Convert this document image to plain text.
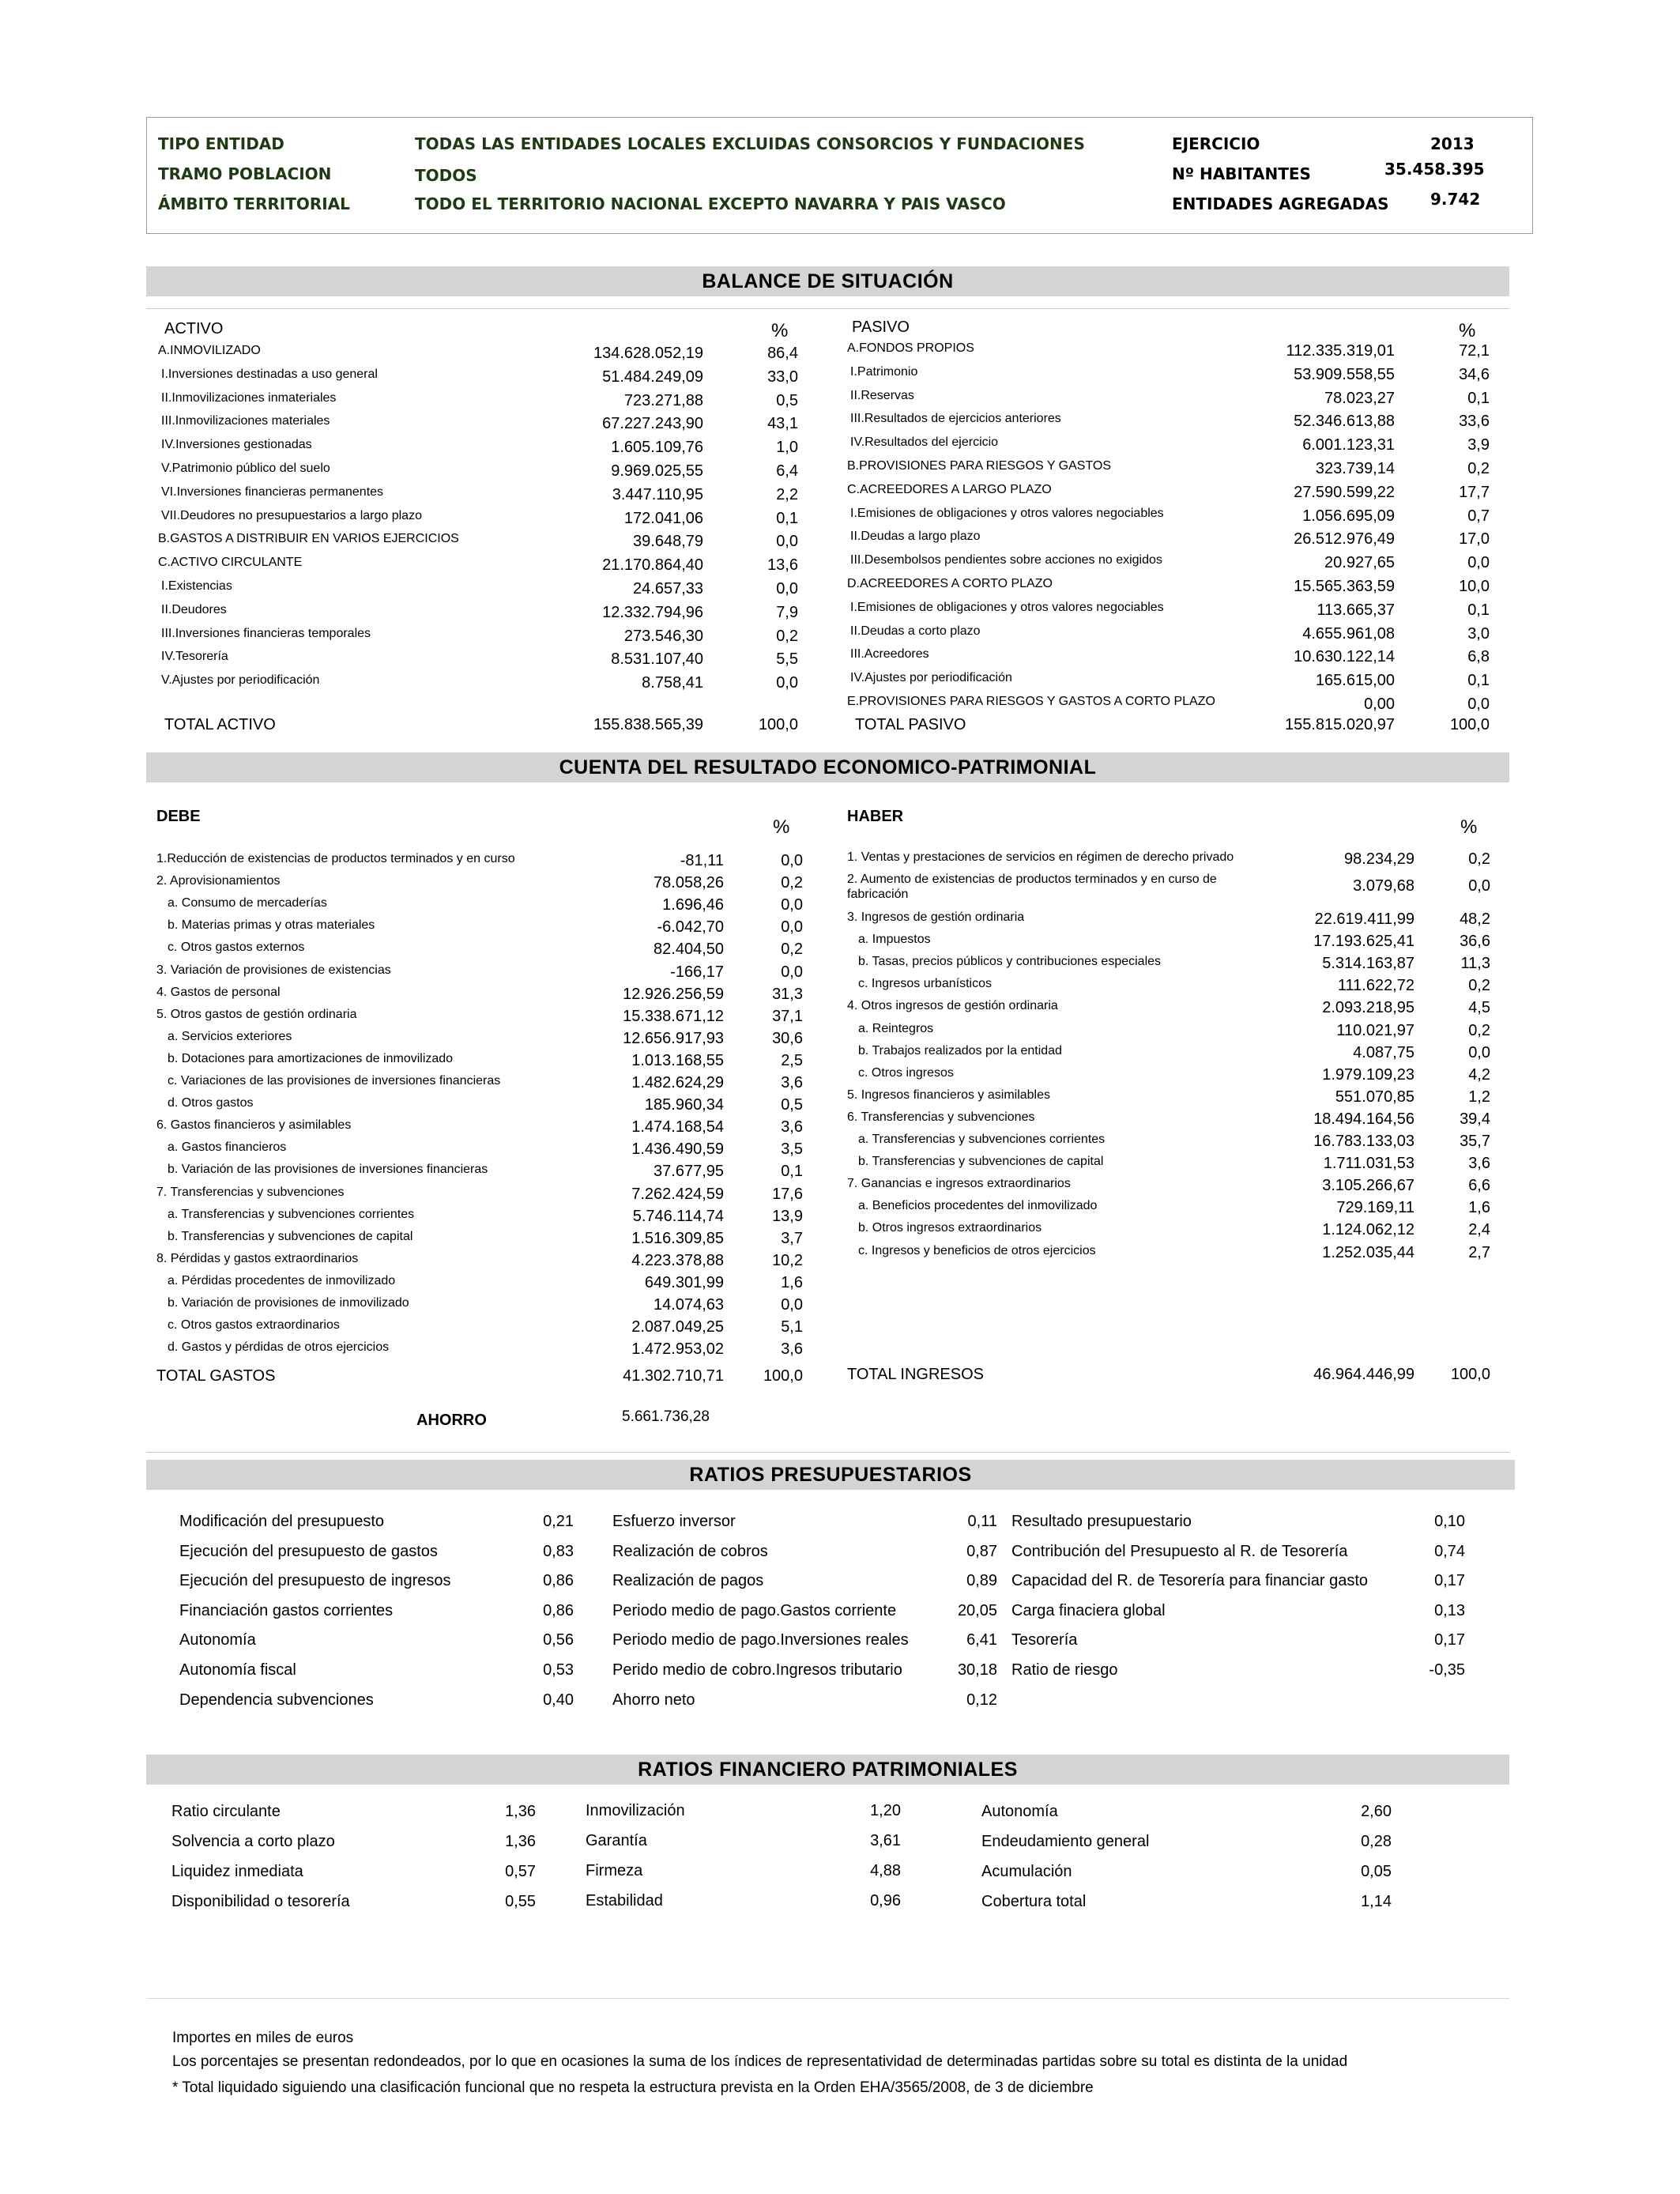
TIPO ENTIDAD	TODAS LAS ENTIDADES LOCALES EXCLUIDAS CONSORCIOS Y FUNDACIONES
TRAMO POBLACION	TODOS
ÁMBITO TERRITORIAL	TODO EL TERRITORIO NACIONAL EXCEPTO NAVARRA Y PAIS VASCO
EJERCICIO	2013
Nº HABITANTES	35.458.395
ENTIDADES AGREGADAS	9.742
BALANCE DE SITUACIÓN
ACTIVO	%	PASIVO	%
A.INMOVILIZADO	134.628.052,19	86,4
I.Inversiones destinadas a uso general	51.484.249,09	33,0
II.Inmovilizaciones inmateriales	723.271,88	0,5
III.Inmovilizaciones materiales	67.227.243,90	43,1
IV.Inversiones gestionadas	1.605.109,76	1,0
V.Patrimonio público del suelo	9.969.025,55	6,4
VI.Inversiones financieras permanentes	3.447.110,95	2,2
VII.Deudores no presupuestarios a largo plazo	172.041,06	0,1
B.GASTOS A DISTRIBUIR EN VARIOS EJERCICIOS	39.648,79	0,0
C.ACTIVO CIRCULANTE	21.170.864,40	13,6
I.Existencias	24.657,33	0,0
II.Deudores	12.332.794,96	7,9
III.Inversiones financieras temporales	273.546,30	0,2
IV.Tesorería	8.531.107,40	5,5
V.Ajustes por periodificación	8.758,41	0,0
A.FONDOS PROPIOS	112.335.319,01	72,1
I.Patrimonio	53.909.558,55	34,6
II.Reservas	78.023,27	0,1
III.Resultados de ejercicios anteriores	52.346.613,88	33,6
IV.Resultados del ejercicio	6.001.123,31	3,9
B.PROVISIONES PARA RIESGOS Y GASTOS	323.739,14	0,2
C.ACREEDORES A LARGO PLAZO	27.590.599,22	17,7
I.Emisiones de obligaciones y otros valores negociables	1.056.695,09	0,7
II.Deudas a largo plazo	26.512.976,49	17,0
III.Desembolsos pendientes sobre acciones no exigidos	20.927,65	0,0
D.ACREEDORES A CORTO PLAZO	15.565.363,59	10,0
I.Emisiones de obligaciones y otros valores negociables	113.665,37	0,1
II.Deudas a corto plazo	4.655.961,08	3,0
III.Acreedores	10.630.122,14	6,8
IV.Ajustes por periodificación	165.615,00	0,1
E.PROVISIONES PARA RIESGOS Y GASTOS A CORTO PLAZO	0,00	0,0
TOTAL ACTIVO	155.838.565,39	100,0	TOTAL PASIVO	155.815.020,97	100,0
CUENTA DEL RESULTADO ECONOMICO-PATRIMONIAL
DEBE	%	HABER	%
1.Reducción de existencias de productos terminados y en curso	-81,11	0,0
2. Aprovisionamientos	78.058,26	0,2
a. Consumo de mercaderías	1.696,46	0,0
b. Materias primas y otras materiales	-6.042,70	0,0
c. Otros gastos externos	82.404,50	0,2
3. Variación de provisiones de existencias	-166,17	0,0
4. Gastos de personal	12.926.256,59	31,3
5. Otros gastos de gestión ordinaria	15.338.671,12	37,1
a. Servicios exteriores	12.656.917,93	30,6
b. Dotaciones para amortizaciones de inmovilizado	1.013.168,55	2,5
c. Variaciones de las provisiones de inversiones financieras	1.482.624,29	3,6
d. Otros gastos	185.960,34	0,5
6. Gastos financieros y asimilables	1.474.168,54	3,6
a. Gastos financieros	1.436.490,59	3,5
b. Variación de las provisiones de inversiones financieras	37.677,95	0,1
7. Transferencias y subvenciones	7.262.424,59	17,6
a. Transferencias y subvenciones corrientes	5.746.114,74	13,9
b. Transferencias y subvenciones de capital	1.516.309,85	3,7
8. Pérdidas y gastos extraordinarios	4.223.378,88	10,2
a. Pérdidas procedentes de inmovilizado	649.301,99	1,6
b. Variación de provisiones de inmovilizado	14.074,63	0,0
c. Otros gastos extraordinarios	2.087.049,25	5,1
d. Gastos y pérdidas de otros ejercicios	1.472.953,02	3,6
1. Ventas y prestaciones de servicios en régimen de derecho privado	98.234,29	0,2
2. Aumento de existencias de productos terminados y en curso de
fabricación	3.079,68	0,0
3. Ingresos de gestión ordinaria	22.619.411,99	48,2
a. Impuestos	17.193.625,41	36,6
b. Tasas, precios públicos y contribuciones especiales	5.314.163,87	11,3
c. Ingresos urbanísticos	111.622,72	0,2
4. Otros ingresos de gestión ordinaria	2.093.218,95	4,5
a. Reintegros	110.021,97	0,2
b. Trabajos realizados por la entidad	4.087,75	0,0
c. Otros ingresos	1.979.109,23	4,2
5. Ingresos financieros y asimilables	551.070,85	1,2
6. Transferencias y subvenciones	18.494.164,56	39,4
a. Transferencias y subvenciones corrientes	16.783.133,03	35,7
b. Transferencias y subvenciones de capital	1.711.031,53	3,6
7. Ganancias e ingresos extraordinarios	3.105.266,67	6,6
a. Beneficios procedentes del inmovilizado	729.169,11	1,6
b. Otros ingresos extraordinarios	1.124.062,12	2,4
c. Ingresos y beneficios de otros ejercicios	1.252.035,44	2,7
TOTAL GASTOS	41.302.710,71	100,0	TOTAL INGRESOS	46.964.446,99	100,0
AHORRO	5.661.736,28
RATIOS PRESUPUESTARIOS
Modificación del presupuesto	0,21
Ejecución del presupuesto de gastos	0,83
Ejecución del presupuesto de ingresos	0,86
Financiación gastos corrientes	0,86
Autonomía	0,56
Autonomía fiscal	0,53
Dependencia subvenciones	0,40
Esfuerzo inversor	0,11
Realización de cobros	0,87
Realización de pagos	0,89
Periodo medio de pago.Gastos corriente	20,05
Periodo medio de pago.Inversiones reales	6,41
Perido medio de cobro.Ingresos tributario	30,18
Ahorro neto	0,12
Resultado presupuestario	0,10
Contribución del Presupuesto al R. de Tesorería	0,74
Capacidad del R. de Tesorería para financiar gasto	0,17
Carga finaciera global	0,13
Tesorería	0,17
Ratio de riesgo	-0,35
RATIOS FINANCIERO PATRIMONIALES
Ratio circulante	1,36
Solvencia a corto plazo	1,36
Liquidez inmediata	0,57
Disponibilidad o tesorería	0,55
Inmovilización	1,20
Garantía	3,61
Firmeza	4,88
Estabilidad	0,96
Autonomía	2,60
Endeudamiento general	0,28
Acumulación	0,05
Cobertura total	1,14
Importes en miles de euros
Los porcentajes se presentan redondeados, por lo que en ocasiones la suma de los índices de representatividad de determinadas partidas sobre su total es distinta de la unidad
* Total liquidado siguiendo una clasificación funcional que no respeta la estructura prevista en la Orden EHA/3565/2008, de 3 de diciembre
